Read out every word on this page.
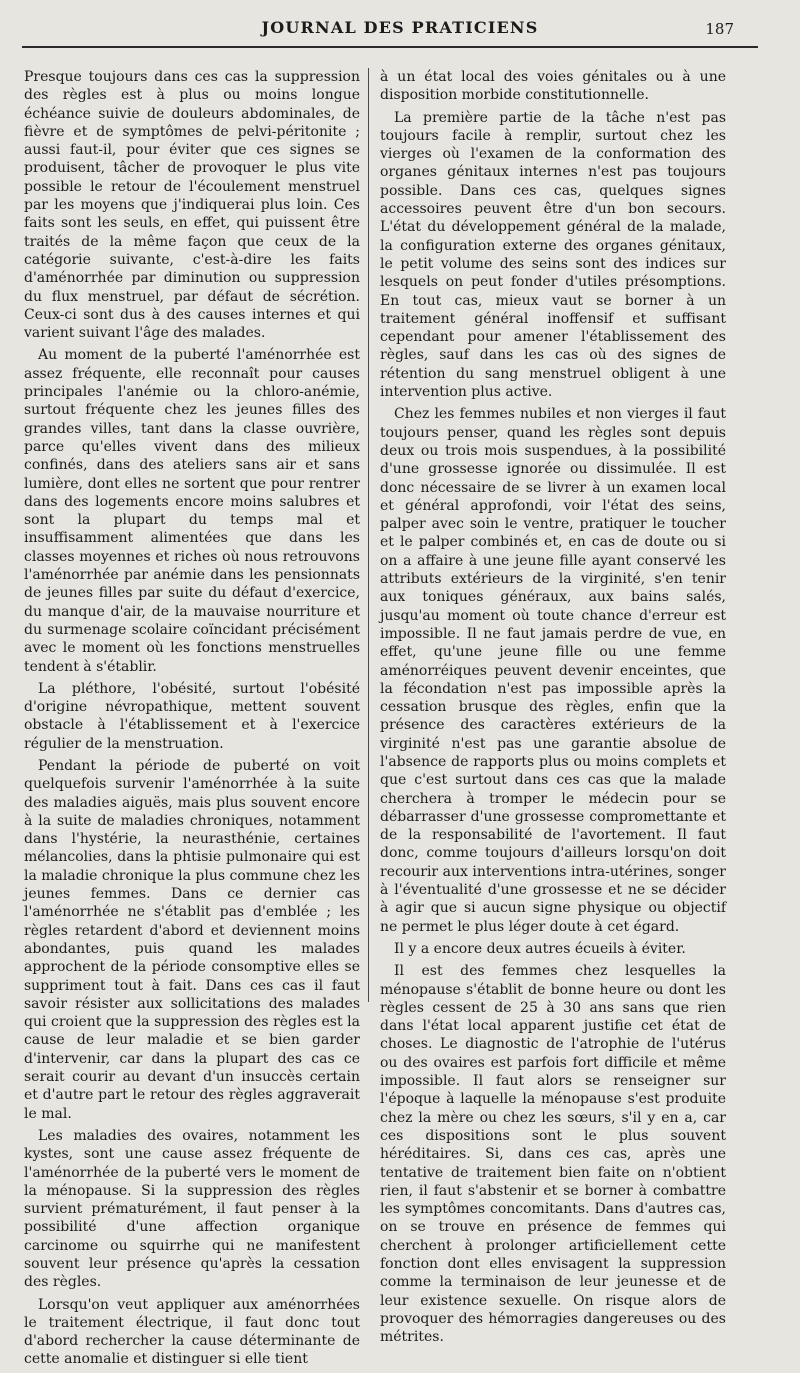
JOURNAL DES PRATICIENS	187

Presque toujours dans ces cas la suppression des règles est à plus ou moins longue échéance suivie de douleurs abdominales, de fièvre et de symptômes de pelvi-péritonite ; aussi faut-il, pour éviter que ces signes se produisent, tâcher de provoquer le plus vite possible le retour de l'écoulement menstruel par les moyens que j'indiquerai plus loin. Ces faits sont les seuls, en effet, qui puissent être traités de la même façon que ceux de la catégorie suivante, c'est-à-dire les faits d'aménorrhée par diminution ou suppression du flux menstruel, par défaut de sécrétion. Ceux-ci sont dus à des causes internes et qui varient suivant l'âge des malades.

Au moment de la puberté l'aménorrhée est assez fréquente, elle reconnaît pour causes principales l'anémie ou la chloro-anémie, surtout fréquente chez les jeunes filles des grandes villes, tant dans la classe ouvrière, parce qu'elles vivent dans des milieux confinés, dans des ateliers sans air et sans lumière, dont elles ne sortent que pour rentrer dans des logements encore moins salubres et sont la plupart du temps mal et insuffisamment alimentées que dans les classes moyennes et riches où nous retrouvons l'aménorrhée par anémie dans les pensionnats de jeunes filles par suite du défaut d'exercice, du manque d'air, de la mauvaise nourriture et du surmenage scolaire coïncidant précisément avec le moment où les fonctions menstruelles tendent à s'établir.

La pléthore, l'obésité, surtout l'obésité d'origine névropathique, mettent souvent obstacle à l'établissement et à l'exercice régulier de la menstruation.

Pendant la période de puberté on voit quelquefois survenir l'aménorrhée à la suite des maladies aiguës, mais plus souvent encore à la suite de maladies chroniques, notamment dans l'hystérie, la neurasthénie, certaines mélancolies, dans la phtisie pulmonaire qui est la maladie chronique la plus commune chez les jeunes femmes. Dans ce dernier cas l'aménorrhée ne s'établit pas d'emblée ; les règles retardent d'abord et deviennent moins abondantes, puis quand les malades approchent de la période consomptive elles se suppriment tout à fait. Dans ces cas il faut savoir résister aux sollicitations des malades qui croient que la suppression des règles est la cause de leur maladie et se bien garder d'intervenir, car dans la plupart des cas ce serait courir au devant d'un insuccès certain et d'autre part le retour des règles aggraverait le mal.

Les maladies des ovaires, notamment les kystes, sont une cause assez fréquente de l'aménorrhée de la puberté vers le moment de la ménopause. Si la suppression des règles survient prématurément, il faut penser à la possibilité d'une affection organique carcinome ou squirrhe qui ne manifestent souvent leur présence qu'après la cessation des règles.

Lorsqu'on veut appliquer aux aménorrhées le traitement électrique, il faut donc tout d'abord rechercher la cause déterminante de cette anomalie et distinguer si elle tient

à un état local des voies génitales ou à une disposition morbide constitutionnelle.

La première partie de la tâche n'est pas toujours facile à remplir, surtout chez les vierges où l'examen de la conformation des organes génitaux internes n'est pas toujours possible. Dans ces cas, quelques signes accessoires peuvent être d'un bon secours. L'état du développement général de la malade, la configuration externe des organes génitaux, le petit volume des seins sont des indices sur lesquels on peut fonder d'utiles présomptions. En tout cas, mieux vaut se borner à un traitement général inoffensif et suffisant cependant pour amener l'établissement des règles, sauf dans les cas où des signes de rétention du sang menstruel obligent à une intervention plus active.

Chez les femmes nubiles et non vierges il faut toujours penser, quand les règles sont depuis deux ou trois mois suspendues, à la possibilité d'une grossesse ignorée ou dissimulée. Il est donc nécessaire de se livrer à un examen local et général approfondi, voir l'état des seins, palper avec soin le ventre, pratiquer le toucher et le palper combinés et, en cas de doute ou si on a affaire à une jeune fille ayant conservé les attributs extérieurs de la virginité, s'en tenir aux toniques généraux, aux bains salés, jusqu'au moment où toute chance d'erreur est impossible. Il ne faut jamais perdre de vue, en effet, qu'une jeune fille ou une femme aménorréiques peuvent devenir enceintes, que la fécondation n'est pas impossible après la cessation brusque des règles, enfin que la présence des caractères extérieurs de la virginité n'est pas une garantie absolue de l'absence de rapports plus ou moins complets et que c'est surtout dans ces cas que la malade cherchera à tromper le médecin pour se débarrasser d'une grossesse compromettante et de la responsabilité de l'avortement. Il faut donc, comme toujours d'ailleurs lorsqu'on doit recourir aux interventions intra-utérines, songer à l'éventualité d'une grossesse et ne se décider à agir que si aucun signe physique ou objectif ne permet le plus léger doute à cet égard.

Il y a encore deux autres écueils à éviter.

Il est des femmes chez lesquelles la ménopause s'établit de bonne heure ou dont les règles cessent de 25 à 30 ans sans que rien dans l'état local apparent justifie cet état de choses. Le diagnostic de l'atrophie de l'utérus ou des ovaires est parfois fort difficile et même impossible. Il faut alors se renseigner sur l'époque à laquelle la ménopause s'est produite chez la mère ou chez les sœurs, s'il y en a, car ces dispositions sont le plus souvent héréditaires. Si, dans ces cas, après une tentative de traitement bien faite on n'obtient rien, il faut s'abstenir et se borner à combattre les symptômes concomitants. Dans d'autres cas, on se trouve en présence de femmes qui cherchent à prolonger artificiellement cette fonction dont elles envisagent la suppression comme la terminaison de leur jeunesse et de leur existence sexuelle. On risque alors de provoquer des hémorragies dangereuses ou des métrites.
